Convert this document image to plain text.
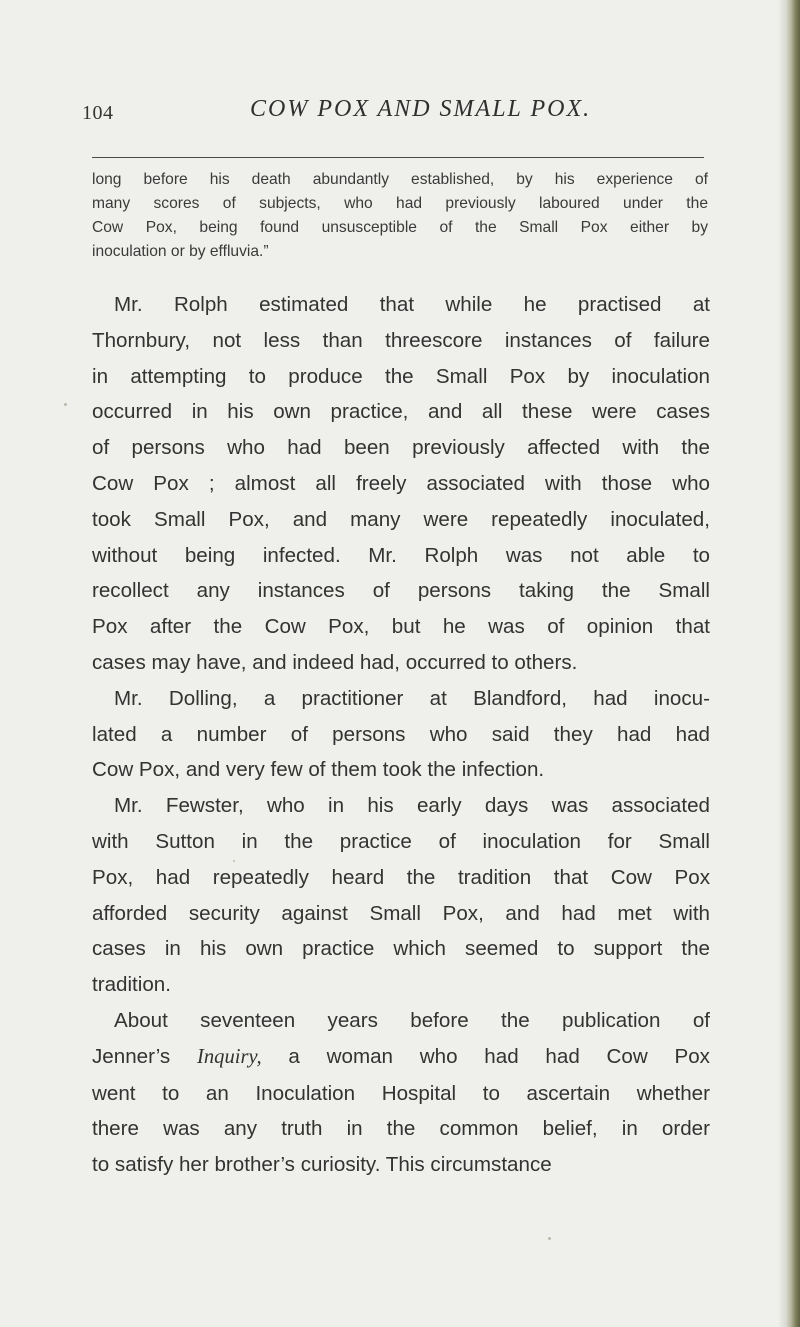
104	COW POX AND SMALL POX.
long before his death abundantly established, by his experience of
many scores of subjects, who had previously laboured under the
Cow Pox, being found unsusceptible of the Small Pox either by
inoculation or by effluvia.”
Mr. Rolph estimated that while he practised at
Thornbury, not less than threescore instances of failure
in attempting to produce the Small Pox by inoculation
occurred in his own practice, and all these were cases
of persons who had been previously affected with the
Cow Pox ; almost all freely associated with those who
took Small Pox, and many were repeatedly inoculated,
without being infected. Mr. Rolph was not able to
recollect any instances of persons taking the Small
Pox after the Cow Pox, but he was of opinion that
cases may have, and indeed had, occurred to others.
Mr. Dolling, a practitioner at Blandford, had inocu-
lated a number of persons who said they had had
Cow Pox, and very few of them took the infection.
Mr. Fewster, who in his early days was associated
with Sutton in the practice of inoculation for Small
Pox, had repeatedly heard the tradition that Cow Pox
afforded security against Small Pox, and had met with
cases in his own practice which seemed to support the
tradition.
About seventeen years before the publication of
Jenner’s Inquiry, a woman who had had Cow Pox
went to an Inoculation Hospital to ascertain whether
there was any truth in the common belief, in order
to satisfy her brother’s curiosity. This circumstance
